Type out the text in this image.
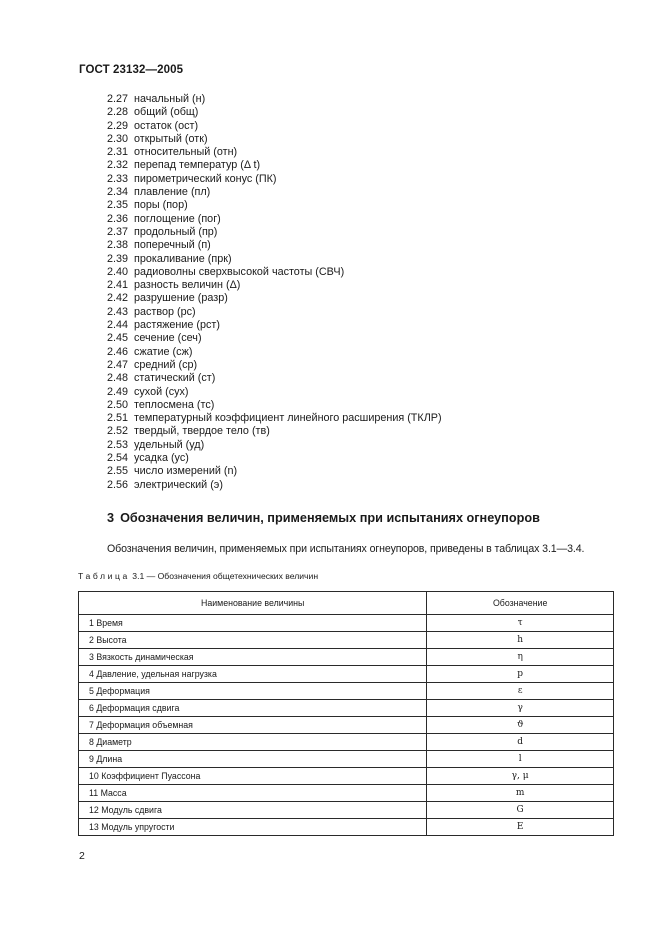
ГОСТ 23132—2005
2.27 начальный (н)
2.28 общий (общ)
2.29 остаток (ост)
2.30 открытый (отк)
2.31 относительный (отн)
2.32 перепад температур (Δ t)
2.33 пирометрический конус (ПК)
2.34 плавление (пл)
2.35 поры (пор)
2.36 поглощение (пог)
2.37 продольный (пр)
2.38 поперечный (п)
2.39 прокаливание (прк)
2.40 радиоволны сверхвысокой частоты (СВЧ)
2.41 разность величин (Δ)
2.42 разрушение (разр)
2.43 раствор (рс)
2.44 растяжение (рст)
2.45 сечение (сеч)
2.46 сжатие (сж)
2.47 средний (ср)
2.48 статический (ст)
2.49 сухой (сух)
2.50 теплосмена (тс)
2.51 температурный коэффициент линейного расширения (ТКЛР)
2.52 твердый, твердое тело (тв)
2.53 удельный (уд)
2.54 усадка (ус)
2.55 число измерений (n)
2.56 электрический (э)
3 Обозначения величин, применяемых при испытаниях огнеупоров
Обозначения величин, применяемых при испытаниях огнеупоров, приведены в таблицах 3.1—3.4.
Таблица 3.1 — Обозначения общетехнических величин
Наименование величины	Обозначение
1 Время	τ
2 Высота	h
3 Вязкость динамическая	η
4 Давление, удельная нагрузка	p
5 Деформация	ε
6 Деформация сдвига	γ
7 Деформация объемная	ϑ
8 Диаметр	d
9 Длина	l
10 Коэффициент Пуассона	γ, μ
11 Масса	m
12 Модуль сдвига	G
13 Модуль упругости	E
2
